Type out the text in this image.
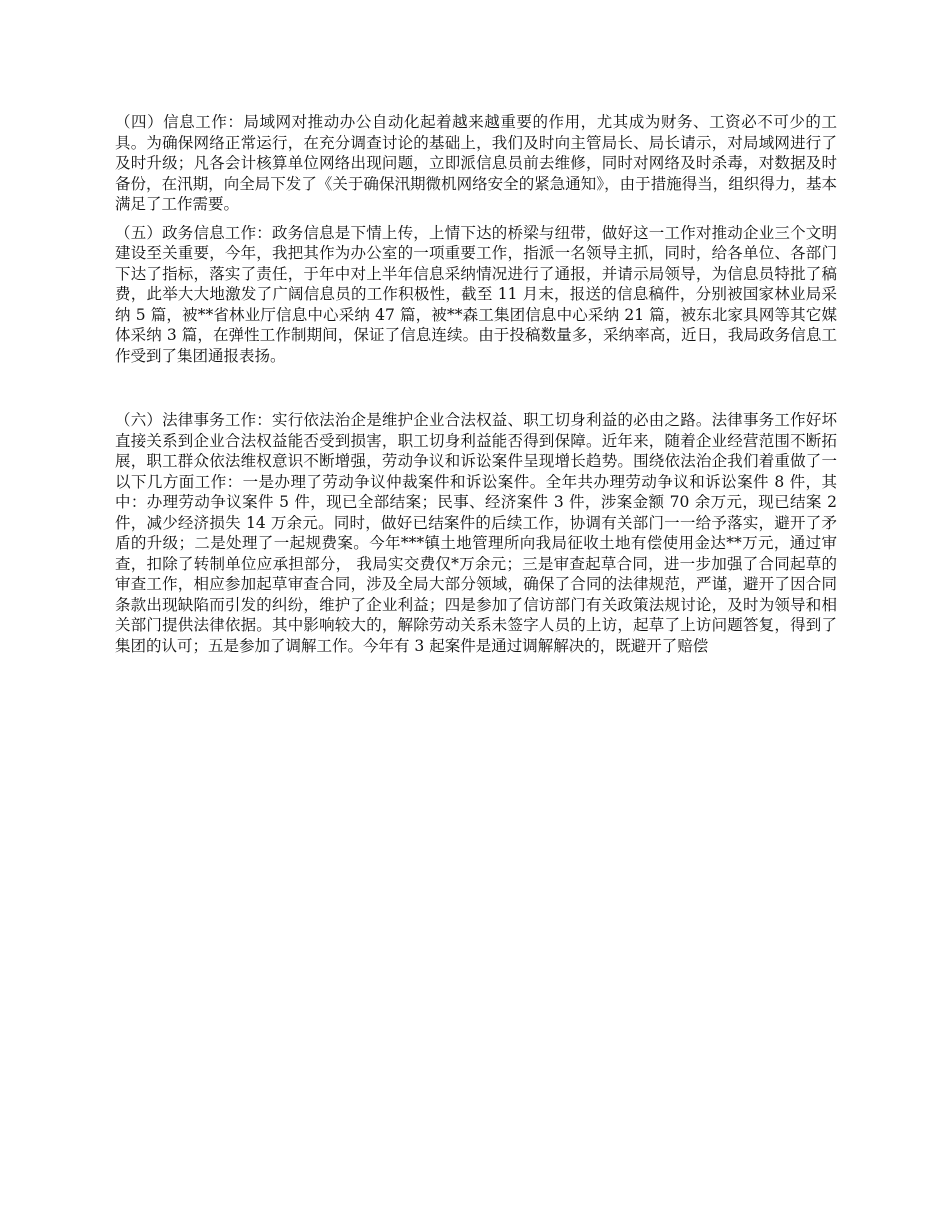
（四）信息工作：局域网对推动办公自动化起着越来越重要的作用，尤其成为财务、工资必不可少的工具。为确保网络正常运行，在充分调查讨论的基础上，我们及时向主管局长、局长请示，对局域网进行了及时升级；凡各会计核算单位网络出现问题，立即派信息员前去维修，同时对网络及时杀毒，对数据及时备份，在汛期，向全局下发了《关于确保汛期微机网络安全的紧急通知》，由于措施得当，组织得力，基本满足了工作需要。

（五）政务信息工作：政务信息是下情上传，上情下达的桥梁与纽带，做好这一工作对推动企业三个文明建设至关重要，今年，我把其作为办公室的一项重要工作，指派一名领导主抓，同时，给各单位、各部门下达了指标，落实了责任，于年中对上半年信息采纳情况进行了通报，并请示局领导，为信息员特批了稿费，此举大大地激发了广阔信息员的工作积极性，截至 11 月末，报送的信息稿件，分别被国家林业局采纳 5 篇，被**省林业厅信息中心采纳 47 篇，被**森工集团信息中心采纳 21 篇，被东北家具网等其它媒体采纳 3 篇，在弹性工作制期间，保证了信息连续。由于投稿数量多，采纳率高，近日，我局政务信息工作受到了集团通报表扬。

（六）法律事务工作：实行依法治企是维护企业合法权益、职工切身利益的必由之路。法律事务工作好坏直接关系到企业合法权益能否受到损害，职工切身利益能否得到保障。近年来，随着企业经营范围不断拓展，职工群众依法维权意识不断增强，劳动争议和诉讼案件呈现增长趋势。围绕依法治企我们着重做了一以下几方面工作：一是办理了劳动争议仲裁案件和诉讼案件。全年共办理劳动争议和诉讼案件 8 件，其中：办理劳动争议案件 5 件，现已全部结案；民事、经济案件 3 件，涉案金额 70 余万元，现已结案 2 件，减少经济损失 14 万余元。同时，做好已结案件的后续工作，协调有关部门一一给予落实，避开了矛盾的升级；二是处理了一起规费案。今年***镇土地管理所向我局征收土地有偿使用金达**万元，通过审查，扣除了转制单位应承担部分， 我局实交费仅*万余元；三是审查起草合同，进一步加强了合同起草的审查工作，相应参加起草审查合同，涉及全局大部分领域，确保了合同的法律规范，严谨，避开了因合同条款出现缺陷而引发的纠纷，维护了企业利益；四是参加了信访部门有关政策法规讨论，及时为领导和相关部门提供法律依据。其中影响较大的，解除劳动关系未签字人员的上访，起草了上访问题答复，得到了集团的认可；五是参加了调解工作。今年有 3 起案件是通过调解解决的，既避开了赔偿
